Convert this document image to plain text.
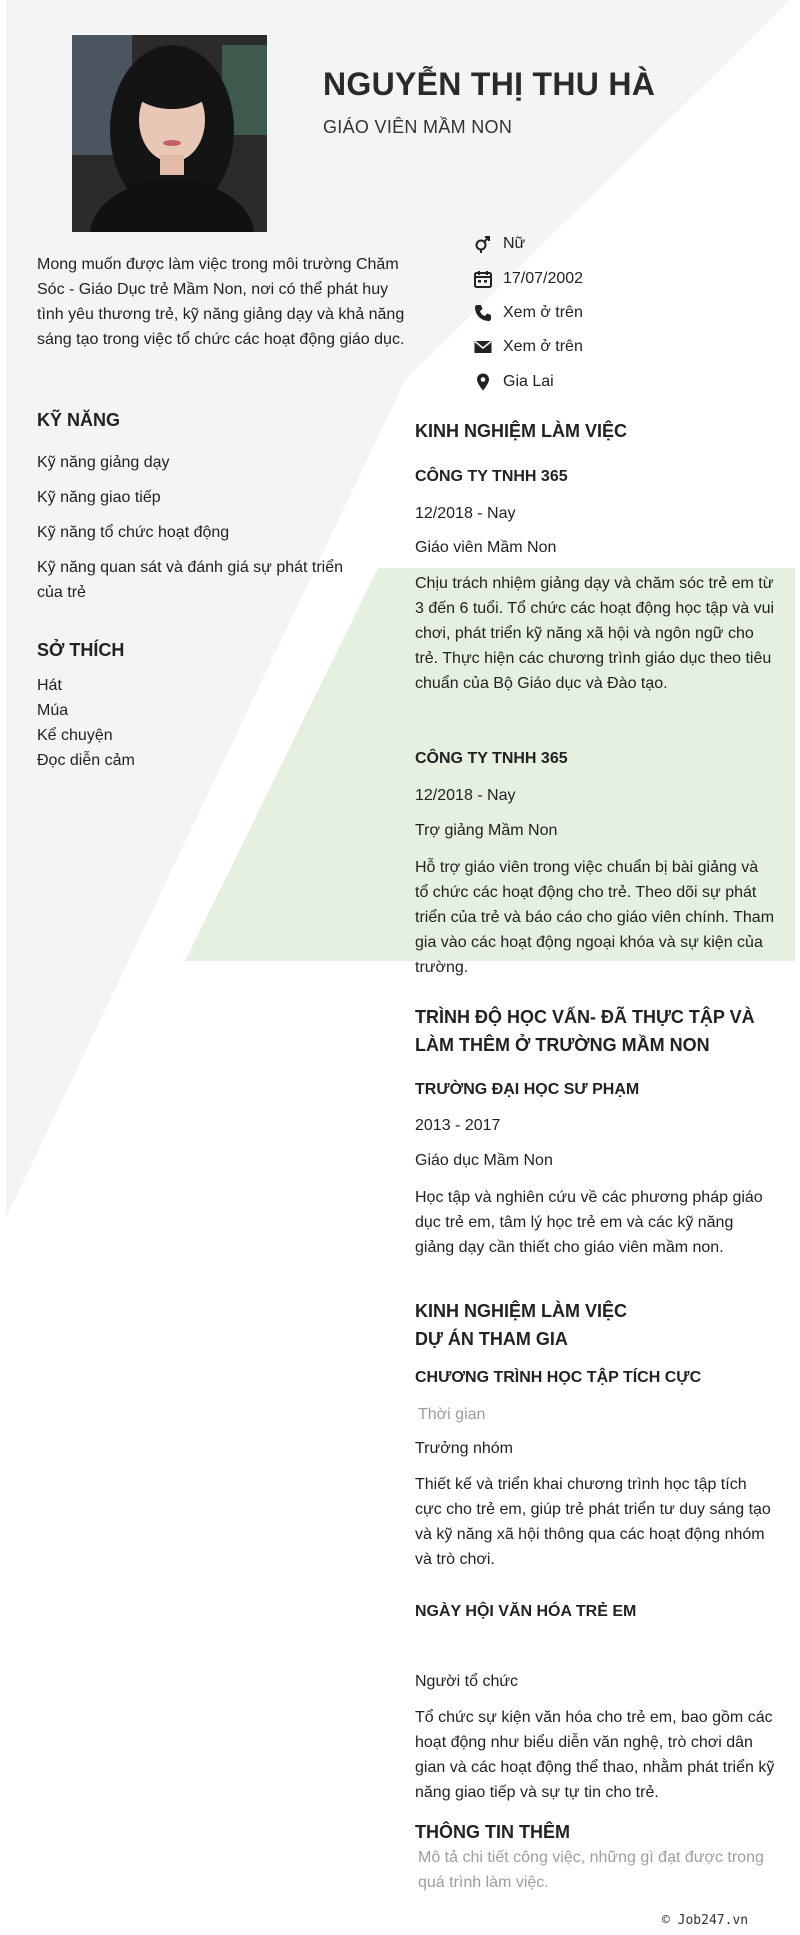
NGUYỄN THỊ THU HÀ
GIÁO VIÊN MẦM NON
Mong muốn được làm việc trong môi trường Chăm Sóc - Giáo Dục trẻ Mầm Non, nơi có thể phát huy tình yêu thương trẻ, kỹ năng giảng dạy và khả năng sáng tạo trong việc tổ chức các hoạt động giáo dục.
Nữ
17/07/2002
Xem ở trên
Xem ở trên
Gia Lai
KỸ NĂNG
Kỹ năng giảng dạy
Kỹ năng giao tiếp
Kỹ năng tổ chức hoạt động
Kỹ năng quan sát và đánh giá sự phát triển của trẻ
SỞ THÍCH
Hát
Múa
Kể chuyện
Đọc diễn cảm
KINH NGHIỆM LÀM VIỆC
CÔNG TY TNHH 365
12/2018 - Nay
Giáo viên Mầm Non
Chịu trách nhiệm giảng dạy và chăm sóc trẻ em từ 3 đến 6 tuổi. Tổ chức các hoạt động học tập và vui chơi, phát triển kỹ năng xã hội và ngôn ngữ cho trẻ. Thực hiện các chương trình giáo dục theo tiêu chuẩn của Bộ Giáo dục và Đào tạo.
CÔNG TY TNHH 365
12/2018 - Nay
Trợ giảng Mầm Non
Hỗ trợ giáo viên trong việc chuẩn bị bài giảng và tổ chức các hoạt động cho trẻ. Theo dõi sự phát triển của trẻ và báo cáo cho giáo viên chính. Tham gia vào các hoạt động ngoại khóa và sự kiện của trường.
TRÌNH ĐỘ HỌC VẤN- ĐÃ THỰC TẬP VÀ LÀM THÊM Ở TRƯỜNG MẦM NON
TRƯỜNG ĐẠI HỌC SƯ PHẠM
2013 - 2017
Giáo dục Mầm Non
Học tập và nghiên cứu về các phương pháp giáo dục trẻ em, tâm lý học trẻ em và các kỹ năng giảng dạy cần thiết cho giáo viên mầm non.
KINH NGHIỆM LÀM VIỆC
DỰ ÁN THAM GIA
CHƯƠNG TRÌNH HỌC TẬP TÍCH CỰC
Thời gian
Trưởng nhóm
Thiết kế và triển khai chương trình học tập tích cực cho trẻ em, giúp trẻ phát triển tư duy sáng tạo và kỹ năng xã hội thông qua các hoạt động nhóm và trò chơi.
NGÀY HỘI VĂN HÓA TRẺ EM
Người tổ chức
Tổ chức sự kiện văn hóa cho trẻ em, bao gồm các hoạt động như biểu diễn văn nghệ, trò chơi dân gian và các hoạt động thể thao, nhằm phát triển kỹ năng giao tiếp và sự tự tin cho trẻ.
THÔNG TIN THÊM
Mô tả chi tiết công việc, những gì đạt được trong quá trình làm việc.
© Job247.vn
